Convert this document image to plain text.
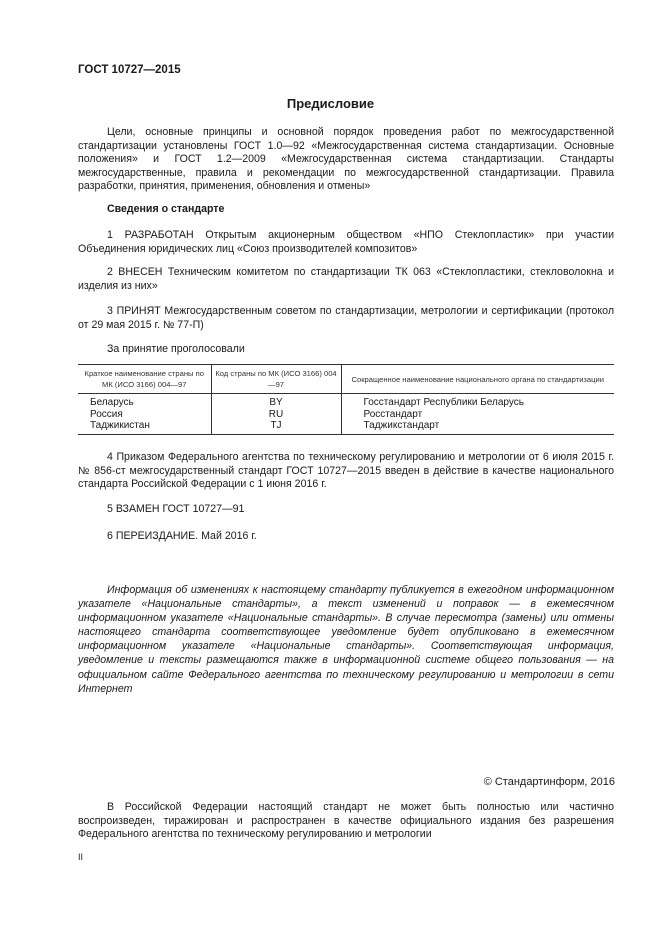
ГОСТ 10727—2015
Предисловие

Цели, основные принципы и основной порядок проведения работ по межгосударственной стандартизации установлены ГОСТ 1.0—92 «Межгосударственная система стандартизации. Основные положения» и ГОСТ 1.2—2009 «Межгосударственная система стандартизации. Стандарты межгосударственные, правила и рекомендации по межгосударственной стандартизации. Правила разработки, принятия, применения, обновления и отмены»

Сведения о стандарте

1 РАЗРАБОТАН Открытым акционерным обществом «НПО Стеклопластик» при участии Объединения юридических лиц «Союз производителей композитов»

2 ВНЕСЕН Техническим комитетом по стандартизации ТК 063 «Стеклопластики, стекловолокна и изделия из них»

3 ПРИНЯТ Межгосударственным советом по стандартизации, метрологии и сертификации (протокол от 29 мая 2015 г. № 77-П)

За принятие проголосовали

Краткое наименование страны по МК (ИСО 3166) 004—97	Код страны по МК (ИСО 3166) 004—97	Сокращенное наименование национального органа по стандартизации
Беларусь	BY	Госстандарт Республики Беларусь
Россия	RU	Росстандарт
Таджикистан	TJ	Таджикстандарт

4 Приказом Федерального агентства по техническому регулированию и метрологии от 6 июля 2015 г. № 856-ст межгосударственный стандарт ГОСТ 10727—2015 введен в действие в качестве национального стандарта Российской Федерации с 1 июня 2016 г.

5 ВЗАМЕН ГОСТ 10727—91

6 ПЕРЕИЗДАНИЕ. Май 2016 г.

Информация об изменениях к настоящему стандарту публикуется в ежегодном информационном указателе «Национальные стандарты», а текст изменений и поправок — в ежемесячном информационном указателе «Национальные стандарты». В случае пересмотра (замены) или отмены настоящего стандарта соответствующее уведомление будет опубликовано в ежемесячном информационном указателе «Национальные стандарты». Соответствующая информация, уведомление и тексты размещаются также в информационной системе общего пользования — на официальном сайте Федерального агентства по техническому регулированию и метрологии в сети Интернет

© Стандартинформ, 2016

В Российской Федерации настоящий стандарт не может быть полностью или частично воспроизведен, тиражирован и распространен в качестве официального издания без разрешения Федерального агентства по техническому регулированию и метрологии

II
